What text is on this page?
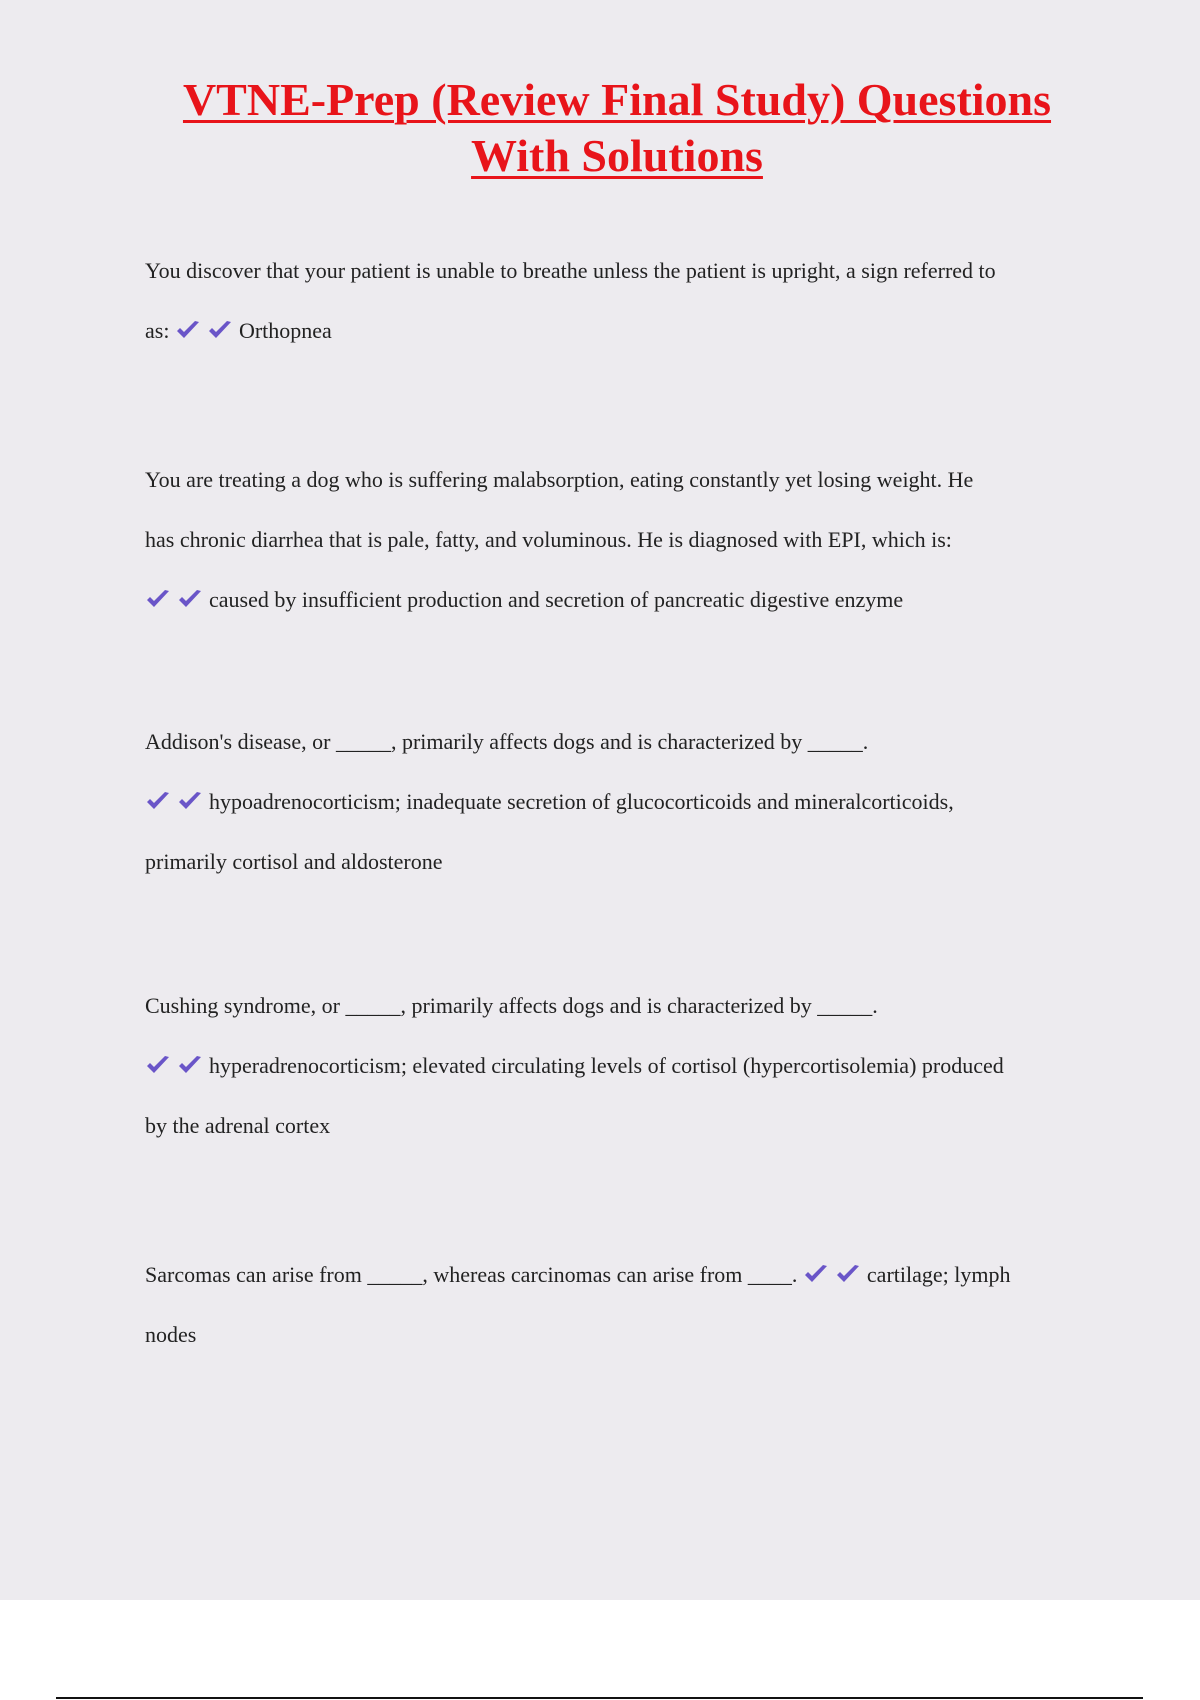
VTNE-Prep (Review Final Study) Questions
With Solutions

You discover that your patient is unable to breathe unless the patient is upright, a sign referred to

as:	Orthopnea

You are treating a dog who is suffering malabsorption, eating constantly yet losing weight. He

has chronic diarrhea that is pale, fatty, and voluminous. He is diagnosed with EPI, which is:

caused by insufficient production and secretion of pancreatic digestive enzyme

Addison's disease, or _____, primarily affects dogs and is characterized by _____.

hypoadrenocorticism; inadequate secretion of glucocorticoids and mineralcorticoids,

primarily cortisol and aldosterone

Cushing syndrome, or _____, primarily affects dogs and is characterized by _____.

hyperadrenocorticism; elevated circulating levels of cortisol (hypercortisolemia) produced

by the adrenal cortex

Sarcomas can arise from _____, whereas carcinomas can arise from ____.	cartilage; lymph

nodes
